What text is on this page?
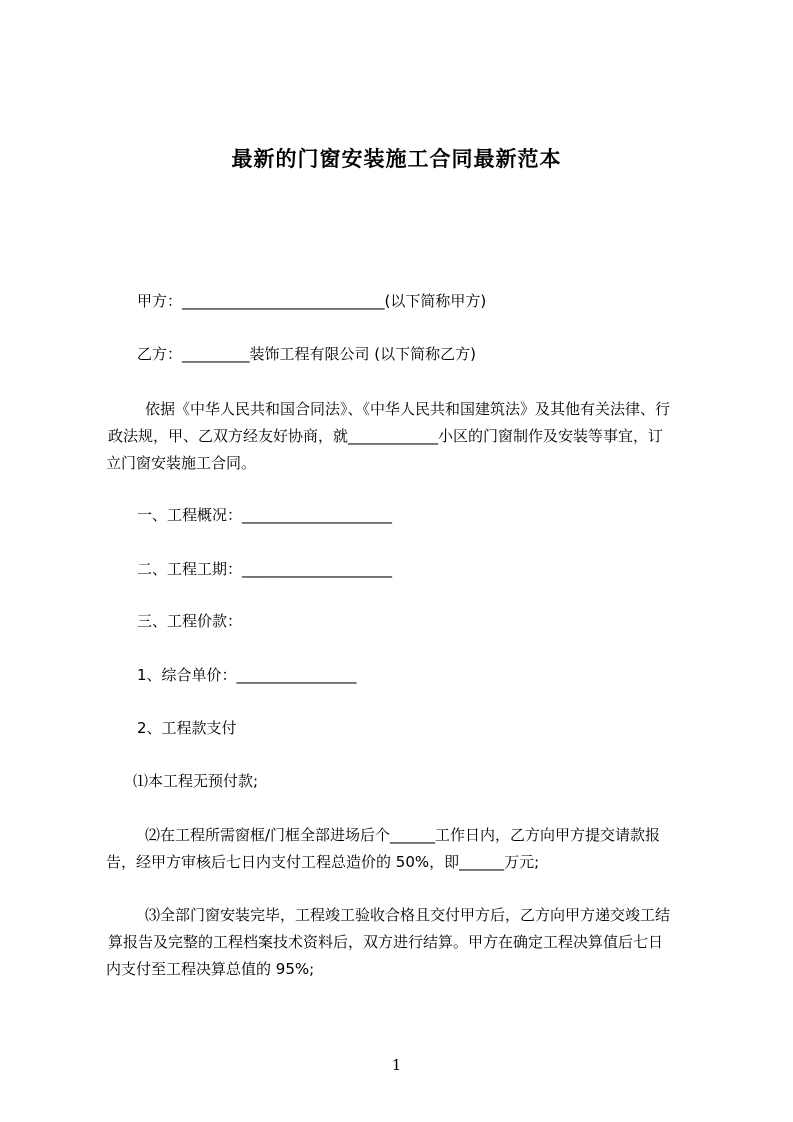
最新的门窗安装施工合同最新范本
甲方：___________________________(以下简称甲方)
乙方：_________装饰工程有限公司 (以下简称乙方)
依据《中华人民共和国合同法》、《中华人民共和国建筑法》及其他有关法律、行
政法规，甲、乙双方经友好协商，就____________小区的门窗制作及安装等事宜，订
立门窗安装施工合同。
一、工程概况：____________________
二、工程工期：____________________
三、工程价款：
1、综合单价：________________
2、工程款支付
⑴本工程无预付款;
⑵在工程所需窗框/门框全部进场后个______工作日内，乙方向甲方提交请款报
告，经甲方审核后七日内支付工程总造价的 50%，即______万元;
⑶全部门窗安装完毕，工程竣工验收合格且交付甲方后，乙方向甲方递交竣工结
算报告及完整的工程档案技术资料后，双方进行结算。甲方在确定工程决算值后七日
内支付至工程决算总值的 95%;
1
